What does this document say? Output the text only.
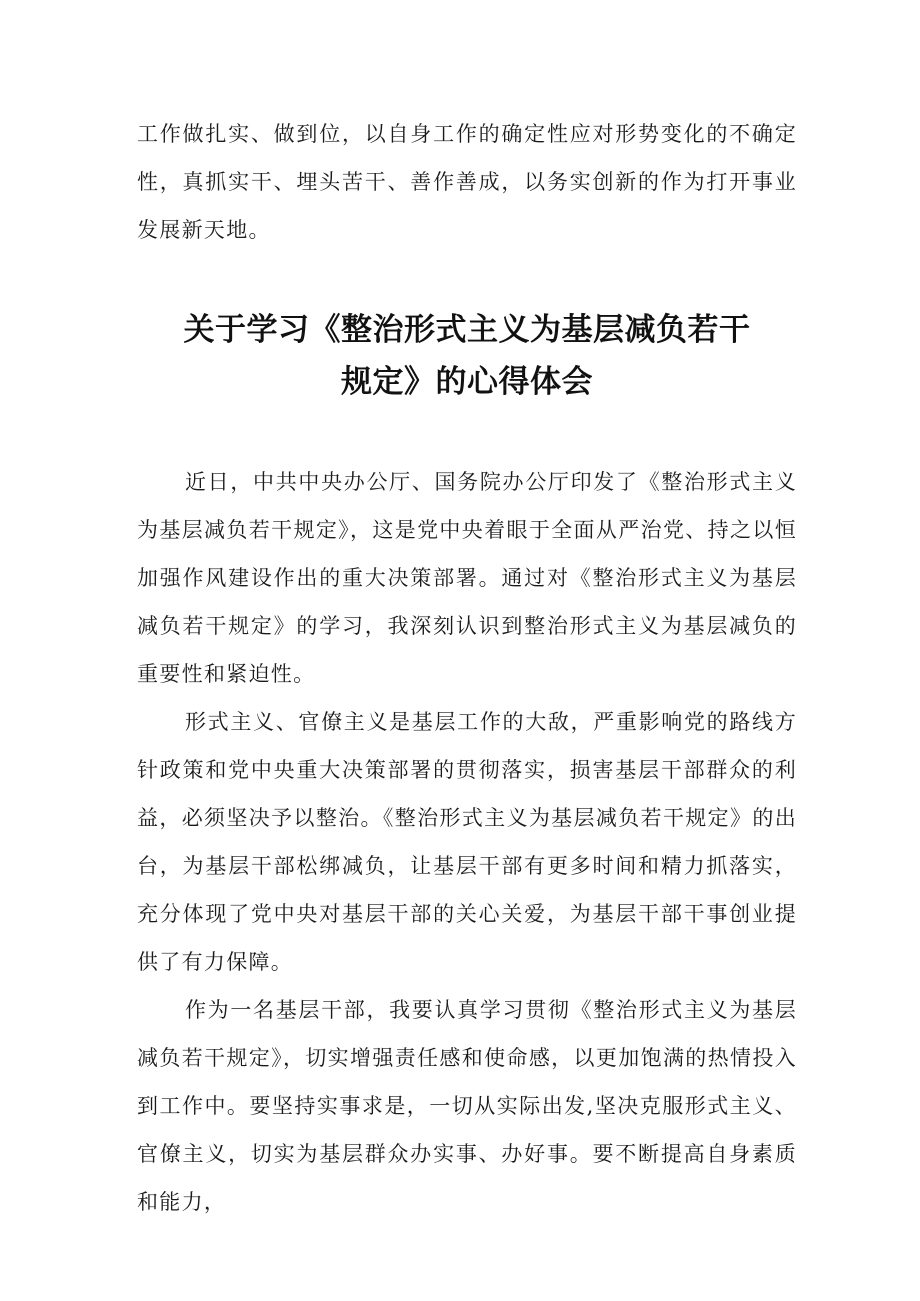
工作做扎实、做到位，以自身工作的确定性应对形势变化的不确定性，真抓实干、埋头苦干、善作善成，以务实创新的作为打开事业发展新天地。

关于学习《整治形式主义为基层减负若干
规定》的心得体会

近日，中共中央办公厅、国务院办公厅印发了《整治形式主义为基层减负若干规定》，这是党中央着眼于全面从严治党、持之以恒加强作风建设作出的重大决策部署。通过对《整治形式主义为基层减负若干规定》的学习，我深刻认识到整治形式主义为基层减负的重要性和紧迫性。

形式主义、官僚主义是基层工作的大敌，严重影响党的路线方针政策和党中央重大决策部署的贯彻落实，损害基层干部群众的利益，必须坚决予以整治。《整治形式主义为基层减负若干规定》的出台，为基层干部松绑减负，让基层干部有更多时间和精力抓落实，充分体现了党中央对基层干部的关心关爱，为基层干部干事创业提供了有力保障。

作为一名基层干部，我要认真学习贯彻《整治形式主义为基层减负若干规定》，切实增强责任感和使命感，以更加饱满的热情投入到工作中。要坚持实事求是，一切从实际出发,坚决克服形式主义、官僚主义，切实为基层群众办实事、办好事。要不断提高自身素质和能力，
